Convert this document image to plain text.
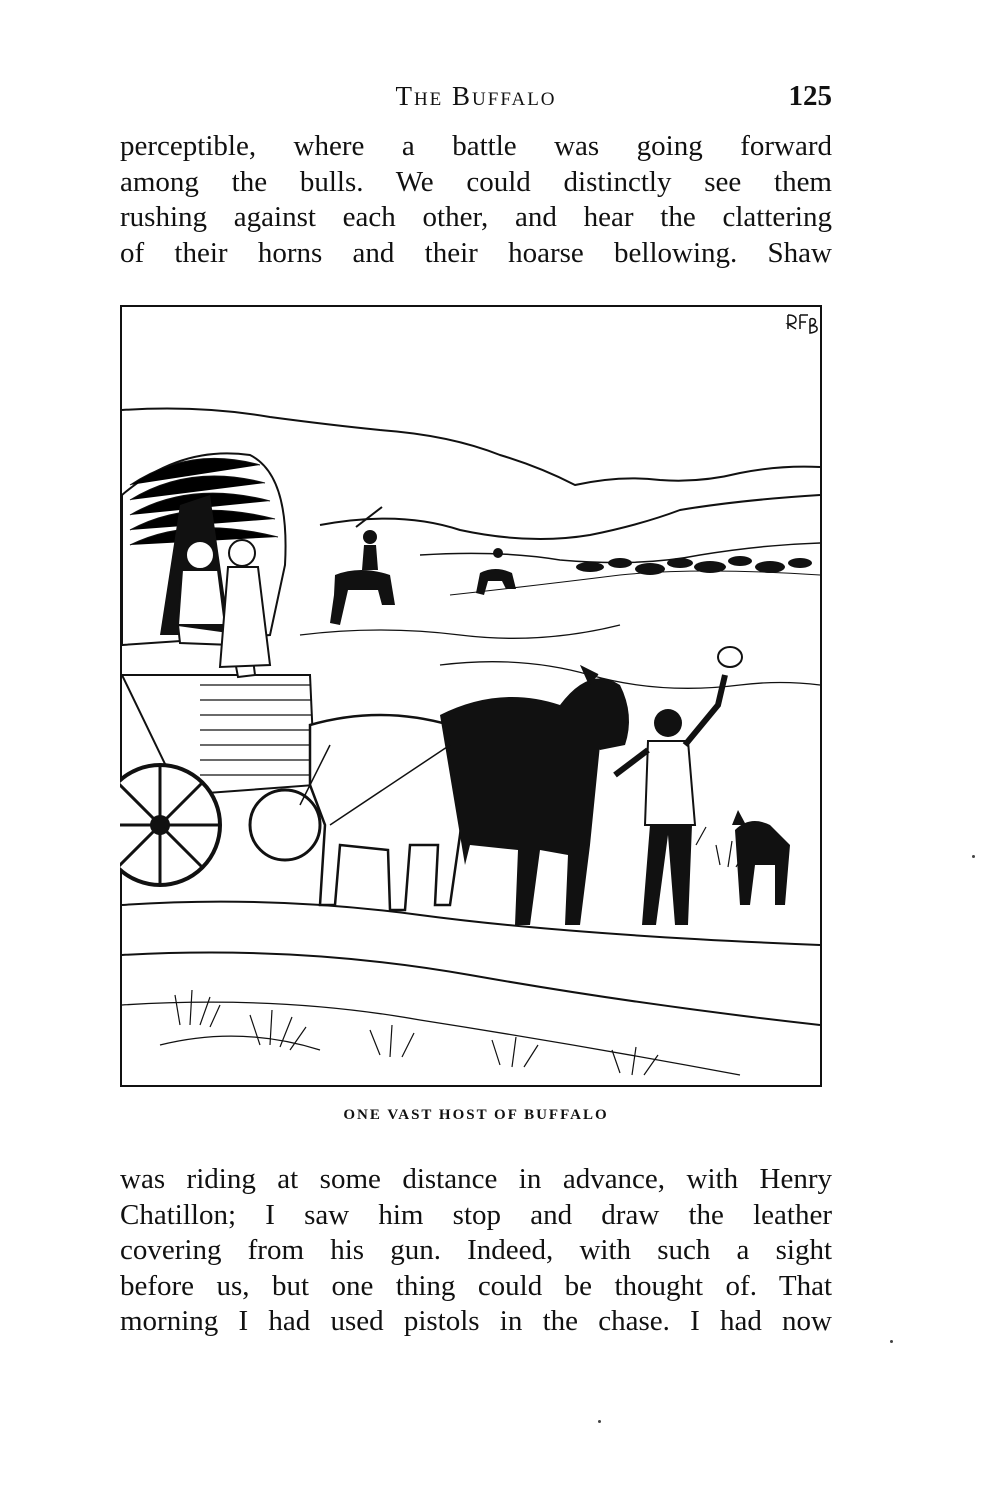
The Buffalo	125
perceptible, where a battle was going forward
among the bulls. We could distinctly see them
rushing against each other, and hear the clattering
of their horns and their hoarse bellowing. Shaw
ONE VAST HOST OF BUFFALO
was riding at some distance in advance, with Henry
Chatillon; I saw him stop and draw the leather
covering from his gun. Indeed, with such a sight
before us, but one thing could be thought of. That
morning I had used pistols in the chase. I had now
